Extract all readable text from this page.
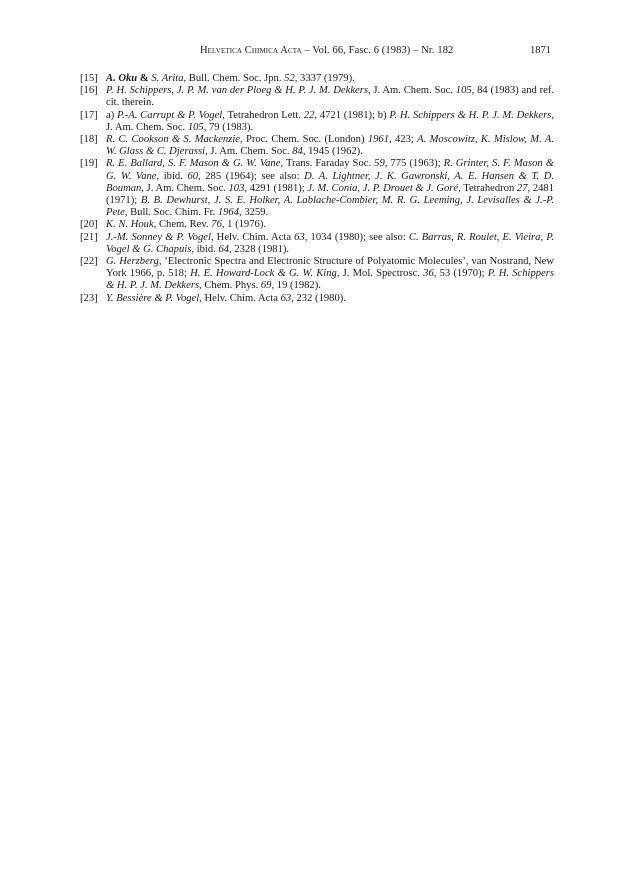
Helvetica Chimica Acta – Vol. 66, Fasc. 6 (1983) – Nr. 182	1871

[15] A. Oku & S. Arita, Bull. Chem. Soc. Jpn. 52, 3337 (1979).

[16] P. H. Schippers, J. P. M. van der Ploeg & H. P. J. M. Dekkers, J. Am. Chem. Soc. 105, 84 (1983) and ref. cit. therein.

[17] a) P.-A. Carrupt & P. Vogel, Tetrahedron Lett. 22, 4721 (1981); b) P. H. Schippers & H. P. J. M. Dekkers, J. Am. Chem. Soc. 105, 79 (1983).

[18] R. C. Cookson & S. Mackenzie, Proc. Chem. Soc. (London) 1961, 423; A. Moscowitz, K. Mislow, M. A. W. Glass & C. Djerassi, J. Am. Chem. Soc. 84, 1945 (1962).

[19] R. E. Ballard, S. F. Mason & G. W. Vane, Trans. Faraday Soc. 59, 775 (1963); R. Grinter, S. F. Mason & G. W. Vane, ibid. 60, 285 (1964); see also: D. A. Lightner, J. K. Gawronski, A. E. Hansen & T. D. Bouman, J. Am. Chem. Soc. 103, 4291 (1981); J. M. Conia, J. P. Drouet & J. Goré, Tetrahedron 27, 2481 (1971); B. B. Dewhurst, J. S. E. Holker, A. Lablache-Combier, M. R. G. Leeming, J. Levisalles & J.-P. Pete, Bull. Soc. Chim. Fr. 1964, 3259.

[20] K. N. Houk, Chem. Rev. 76, 1 (1976).

[21] J.-M. Sonney & P. Vogel, Helv. Chim. Acta 63, 1034 (1980); see also: C. Barras, R. Roulet, E. Vieira, P. Vogel & G. Chapuis, ibid. 64, 2328 (1981).

[22] G. Herzberg, ‘Electronic Spectra and Electronic Structure of Polyatomic Molecules’, van Nostrand, New York 1966, p. 518; H. E. Howard-Lock & G. W. King, J. Mol. Spectrosc. 36, 53 (1970); P. H. Schippers & H. P. J. M. Dekkers, Chem. Phys. 69, 19 (1982).

[23] Y. Bessière & P. Vogel, Helv. Chim. Acta 63, 232 (1980).
